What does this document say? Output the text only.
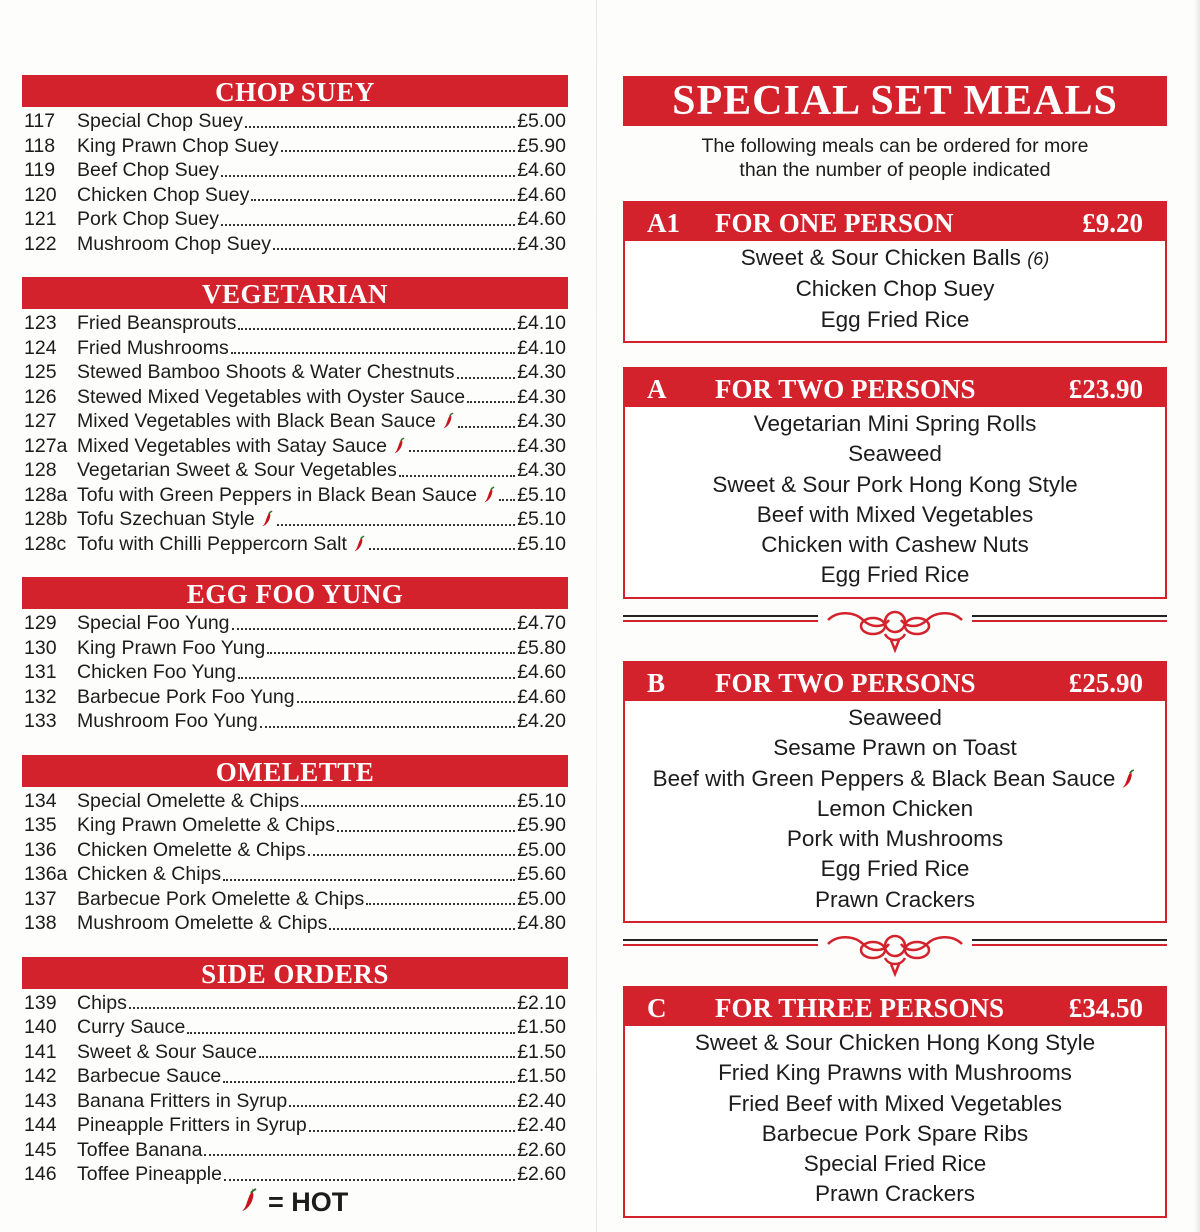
CHOP SUEY
117	Special Chop Suey	£5.00
118	King Prawn Chop Suey	£5.90
119	Beef Chop Suey	£4.60
120	Chicken Chop Suey	£4.60
121	Pork Chop Suey	£4.60
122	Mushroom Chop Suey	£4.30
VEGETARIAN
123	Fried Beansprouts	£4.10
124	Fried Mushrooms	£4.10
125	Stewed Bamboo Shoots & Water Chestnuts	£4.30
126	Stewed Mixed Vegetables with Oyster Sauce	£4.30
127	Mixed Vegetables with Black Bean Sauce	£4.30
127a Mixed Vegetables with Satay Sauce	£4.30
128	Vegetarian Sweet & Sour Vegetables	£4.30
128a Tofu with Green Peppers in Black Bean Sauce £5.10
128b Tofu Szechuan Style	£5.10
128c Tofu with Chilli Peppercorn Salt	£5.10
EGG FOO YUNG
129	Special Foo Yung	£4.70
130	King Prawn Foo Yung	£5.80
131	Chicken Foo Yung	£4.60
132	Barbecue Pork Foo Yung	£4.60
133	Mushroom Foo Yung	£4.20
OMELETTE
134	Special Omelette & Chips	£5.10
135	King Prawn Omelette & Chips	£5.90
136	Chicken Omelette & Chips	£5.00
136a Chicken & Chips	£5.60
137	Barbecue Pork Omelette & Chips	£5.00
138	Mushroom Omelette & Chips	£4.80
SIDE ORDERS
139	Chips	£2.10
140	Curry Sauce	£1.50
141	Sweet & Sour Sauce	£1.50
142	Barbecue Sauce	£1.50
143	Banana Fritters in Syrup	£2.40
144	Pineapple Fritters in Syrup	£2.40
145	Toffee Banana	£2.60
146	Toffee Pineapple	£2.60
= HOT
SPECIAL SET MEALS
The following meals can be ordered for more
than the number of people indicated
A1 FOR ONE PERSON	£9.20
Sweet & Sour Chicken Balls (6)
Chicken Chop Suey
Egg Fried Rice
A FOR TWO PERSONS	£23.90
Vegetarian Mini Spring Rolls
Seaweed
Sweet & Sour Pork Hong Kong Style
Beef with Mixed Vegetables
Chicken with Cashew Nuts
Egg Fried Rice
B FOR TWO PERSONS	£25.90
Seaweed
Sesame Prawn on Toast
Beef with Green Peppers & Black Bean Sauce
Lemon Chicken
Pork with Mushrooms
Egg Fried Rice
Prawn Crackers
C FOR THREE PERSONS £34.50
Sweet & Sour Chicken Hong Kong Style
Fried King Prawns with Mushrooms
Fried Beef with Mixed Vegetables
Barbecue Pork Spare Ribs
Special Fried Rice
Prawn Crackers
